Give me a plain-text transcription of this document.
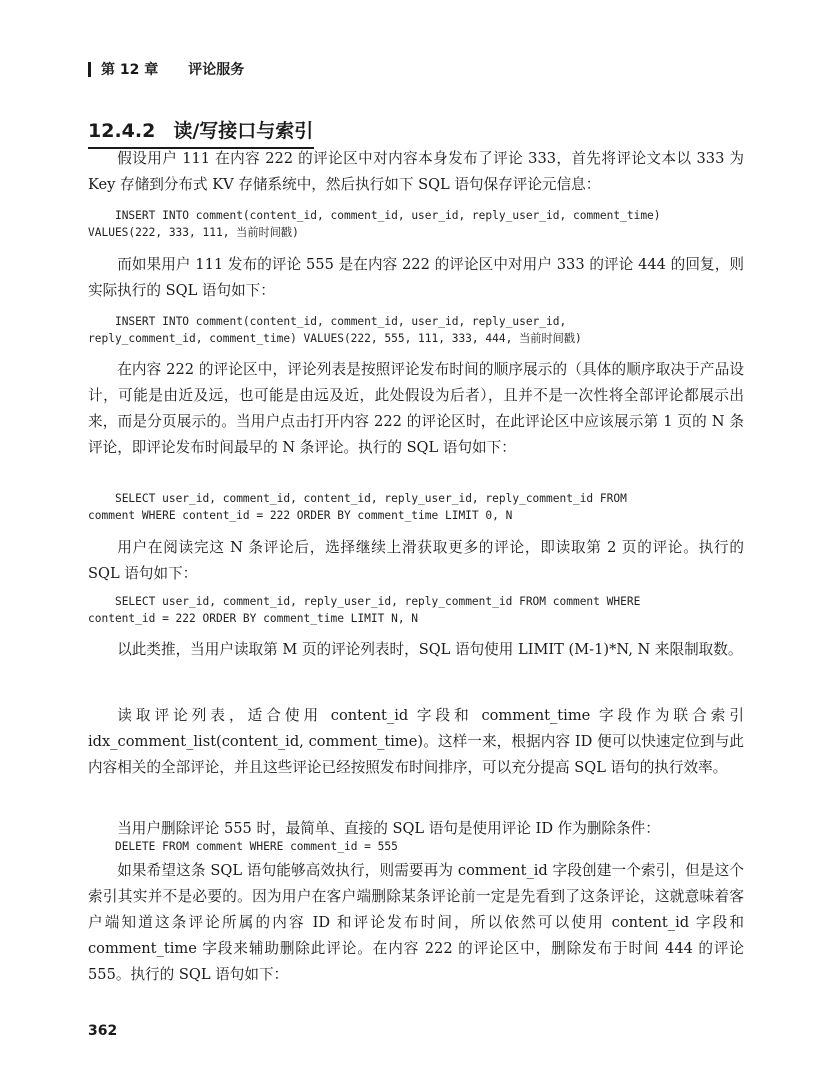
第 12 章 评论服务
12.4.2 读/写接口与索引

假设用户 111 在内容 222 的评论区中对内容本身发布了评论 333，首先将评论文本以 333 为 Key 存储到分布式 KV 存储系统中，然后执行如下 SQL 语句保存评论元信息：

INSERT INTO comment(content_id, comment_id, user_id, reply_user_id, comment_time)
VALUES(222, 333, 111, 当前时间戳)

而如果用户 111 发布的评论 555 是在内容 222 的评论区中对用户 333 的评论 444 的回复，则实际执行的 SQL 语句如下：

INSERT INTO comment(content_id, comment_id, user_id, reply_user_id,
reply_comment_id, comment_time) VALUES(222, 555, 111, 333, 444, 当前时间戳)

在内容 222 的评论区中，评论列表是按照评论发布时间的顺序展示的（具体的顺序取决于产品设计，可能是由近及远，也可能是由远及近，此处假设为后者），且并不是一次性将全部评论都展示出来，而是分页展示的。当用户点击打开内容 222 的评论区时，在此评论区中应该展示第 1 页的 N 条评论，即评论发布时间最早的 N 条评论。执行的 SQL 语句如下：

SELECT user_id, comment_id, content_id, reply_user_id, reply_comment_id FROM
comment WHERE content_id = 222 ORDER BY comment_time LIMIT 0, N

用户在阅读完这 N 条评论后，选择继续上滑获取更多的评论，即读取第 2 页的评论。执行的 SQL 语句如下：

SELECT user_id, comment_id, reply_user_id, reply_comment_id FROM comment WHERE
content_id = 222 ORDER BY comment_time LIMIT N, N

以此类推，当用户读取第 M 页的评论列表时，SQL 语句使用 LIMIT (M-1)*N, N 来限制取数。

读取评论列表，适合使用 content_id 字段和 comment_time 字段作为联合索引 idx_comment_list(content_id, comment_time)。这样一来，根据内容 ID 便可以快速定位到与此内容相关的全部评论，并且这些评论已经按照发布时间排序，可以充分提高 SQL 语句的执行效率。

当用户删除评论 555 时，最简单、直接的 SQL 语句是使用评论 ID 作为删除条件：

DELETE FROM comment WHERE comment_id = 555

如果希望这条 SQL 语句能够高效执行，则需要再为 comment_id 字段创建一个索引，但是这个索引其实并不是必要的。因为用户在客户端删除某条评论前一定是先看到了这条评论，这就意味着客户端知道这条评论所属的内容 ID 和评论发布时间，所以依然可以使用 content_id 字段和 comment_time 字段来辅助删除此评论。在内容 222 的评论区中，删除发布于时间 444 的评论 555。执行的 SQL 语句如下：

362
